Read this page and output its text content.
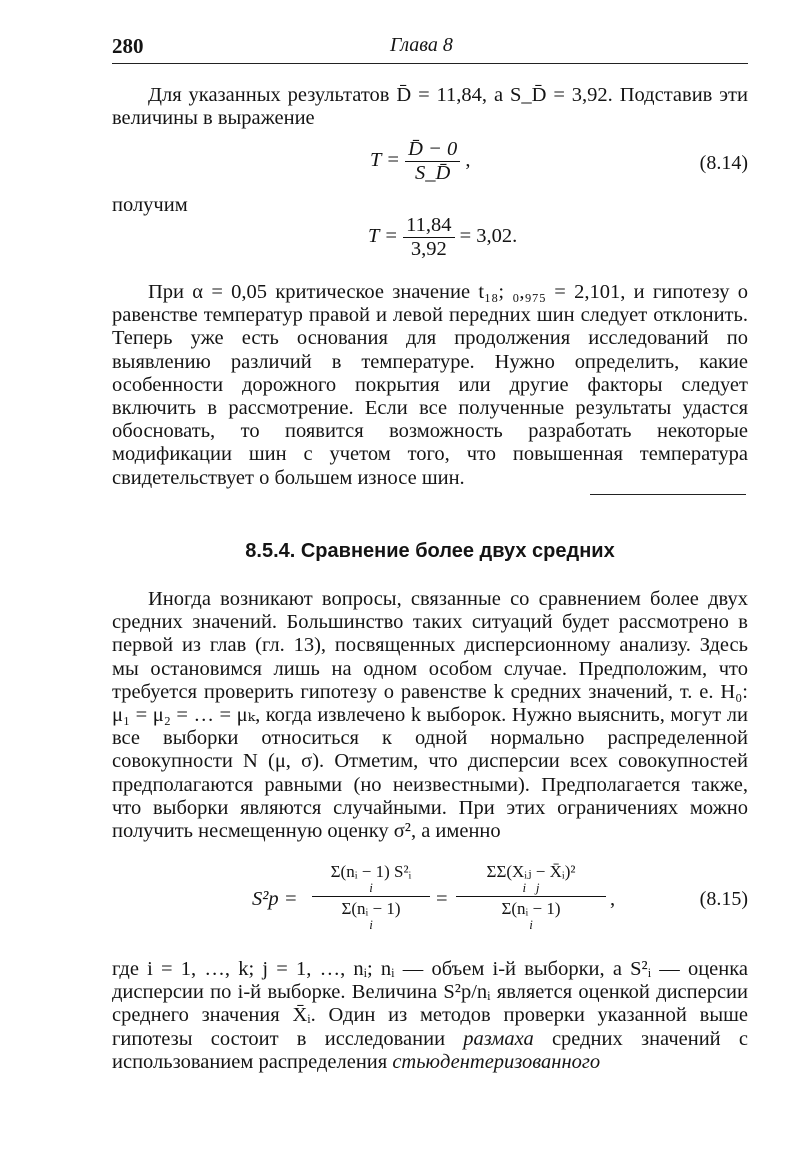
280	Глава 8

Для указанных результатов D̄ = 11,84, а S_D̄ = 3,92. Подставив эти величины в выражение

$T = \frac{D̄ - 0}{S\_D̄}$ ,	(8.14)
получим
$T = \frac{11,84}{3,92} = 3,02$.

При α = 0,05 критическое значение t₁₈; ₀,₉₇₅ = 2,101, и гипотезу о равенстве температур правой и левой передних шин следует отклонить. Теперь уже есть основания для продолжения исследований по выявлению различий в температуре. Нужно определить, какие особенности дорожного покрытия или другие факторы следует включить в рассмотрение. Если все полученные результаты удастся обосновать, то появится возможность разработать некоторые модификации шин с учетом того, что повышенная температура свидетельствует о большем износе шин.

8.5.4. Сравнение более двух средних

Иногда возникают вопросы, связанные со сравнением более двух средних значений. Большинство таких ситуаций будет рассмотрено в первой из глав (гл. 13), посвященных дисперсионному анализу. Здесь мы остановимся лишь на одном особом случае. Предположим, что требуется проверить гипотезу о равенстве k средних значений, т. е. H₀: μ₁ = μ₂ = … = μₖ, когда извлечено k выборок. Нужно выяснить, могут ли все выборки относиться к одной нормально распределенной совокупности N (μ, σ). Отметим, что дисперсии всех совокупностей предполагаются равными (но неизвестными). Предполагается также, что выборки являются случайными. При этих ограничениях можно получить несмещенную оценку σ², а именно

S²p = Σ(nᵢ − 1) S²ᵢ
i
Σ(nᵢ − 1)
i =
ΣΣ(Xᵢⱼ − X̄ᵢ)²
i   j
Σ(nᵢ − 1)
i
,	(8.15)

где i = 1, …, k; j = 1, …, nᵢ; nᵢ — объем i-й выборки, а S²ᵢ — оценка дисперсии по i-й выборке. Величина S²p/nᵢ является оценкой дисперсии среднего значения X̄ᵢ. Один из методов проверки указанной выше гипотезы состоит в исследовании размаха средних значений с использованием распределения стьюдентеризованного
